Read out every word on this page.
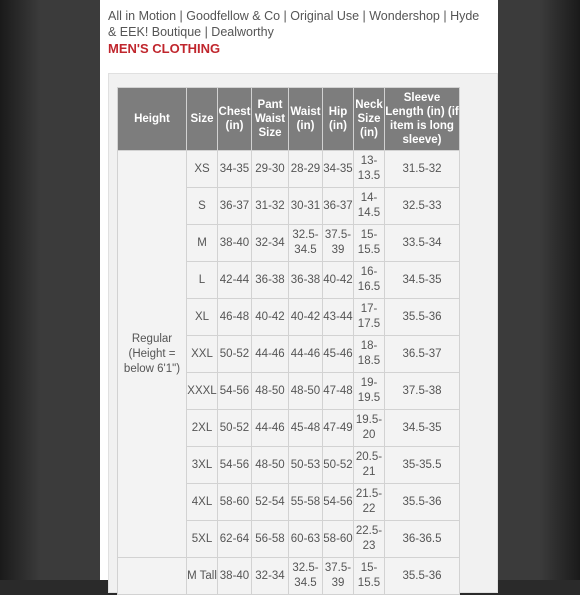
All in Motion | Goodfellow & Co | Original Use | Wondershop | Hyde & EEK! Boutique | Dealworthy
MEN'S CLOTHING
Height	Size	Chest (in)	Pant Waist Size	Waist (in)	Hip (in)	Neck Size (in)	Sleeve Length (in) (if item is long sleeve)
Regular (Height = below 6'1")	XS	34-35	29-30	28-29	34-35	13-13.5	31.5-32
	S	36-37	31-32	30-31	36-37	14-14.5	32.5-33
	M	38-40	32-34	32.5-34.5	37.5-39	15-15.5	33.5-34
	L	42-44	36-38	36-38	40-42	16-16.5	34.5-35
	XL	46-48	40-42	40-42	43-44	17-17.5	35.5-36
	XXL	50-52	44-46	44-46	45-46	18-18.5	36.5-37
	XXXL	54-56	48-50	48-50	47-48	19-19.5	37.5-38
	2XL	50-52	44-46	45-48	47-49	19.5-20	34.5-35
	3XL	54-56	48-50	50-53	50-52	20.5-21	35-35.5
	4XL	58-60	52-54	55-58	54-56	21.5-22	35.5-36
	5XL	62-64	56-58	60-63	58-60	22.5-23	36-36.5
	M Tall	38-40	32-34	32.5-34.5	37.5-39	15-15.5	35.5-36
